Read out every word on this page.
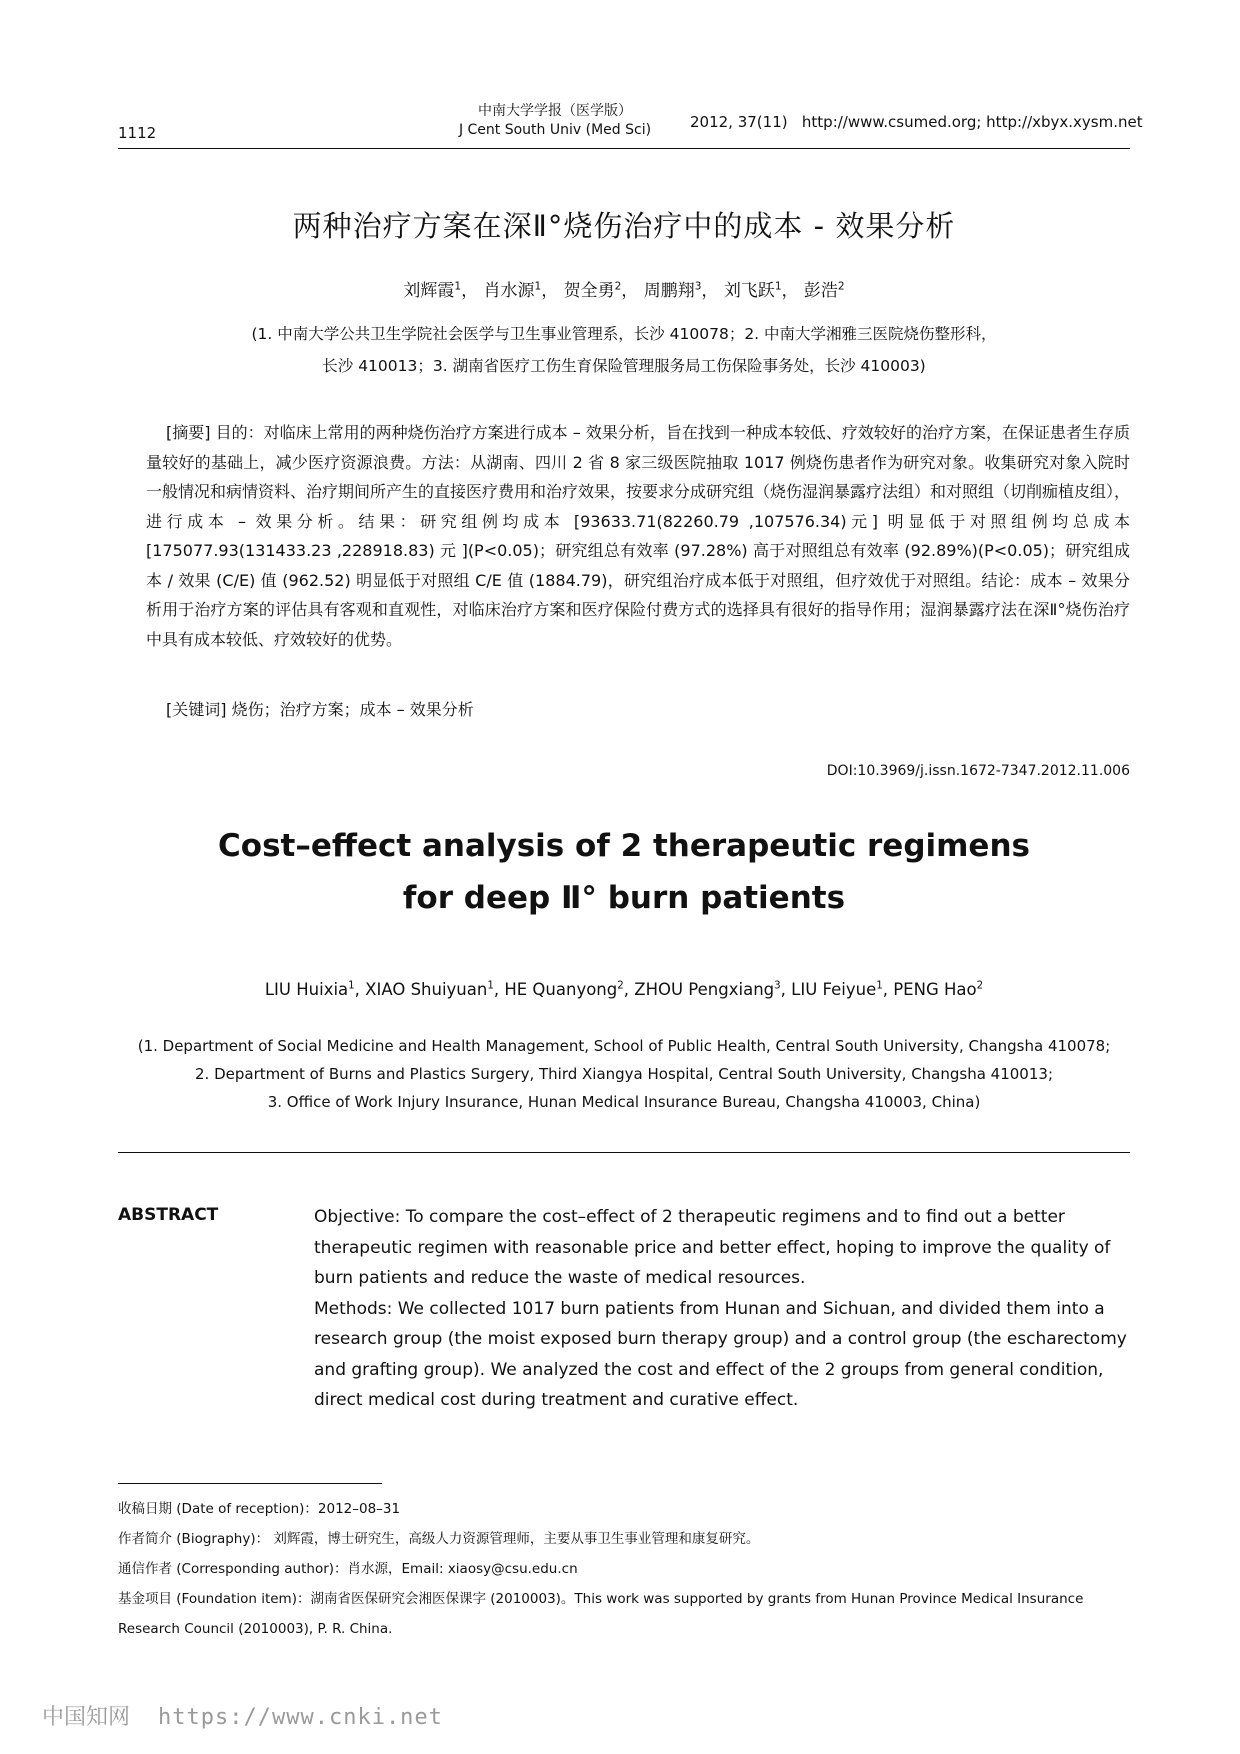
1112
中南大学学报（医学版）
J Cent South Univ (Med Sci)	2012, 37(11) http://www.csumed.org; http://xbyx.xysm.net
两种治疗方案在深Ⅱ°烧伤治疗中的成本 - 效果分析
刘辉霞$^1$， 肖水源$^1$， 贺全勇$^2$， 周鹏翔$^3$， 刘飞跃$^1$， 彭浩$^2$
(1. 中南大学公共卫生学院社会医学与卫生事业管理系，长沙 410078；2. 中南大学湘雅三医院烧伤整形科，
长沙 410013；3. 湖南省医疗工伤生育保险管理服务局工伤保险事务处，长沙 410003)

[摘要] 目的：对临床上常用的两种烧伤治疗方案进行成本 – 效果分析，旨在找到一种成本较低、疗效较好的治疗方案，在保证患者生存质量较好的基础上，减少医疗资源浪费。方法：从湖南、四川 2 省 8 家三级医院抽取 1017 例烧伤患者作为研究对象。收集研究对象入院时一般情况和病情资料、治疗期间所产生的直接医疗费用和治疗效果，按要求分成研究组（烧伤湿润暴露疗法组）和对照组（切削痂植皮组），进行成本 – 效果分析。结果：研究组例均成本 [93633.71(82260.79 ,107576.34)元] 明显低于对照组例均总成本 [175077.93(131433.23 ,228918.83) 元 ](P<0.05)；研究组总有效率 (97.28%) 高于对照组总有效率 (92.89%)(P<0.05)；研究组成本 / 效果 (C/E) 值 (962.52) 明显低于对照组 C/E 值 (1884.79)，研究组治疗成本低于对照组，但疗效优于对照组。结论：成本 – 效果分析用于治疗方案的评估具有客观和直观性，对临床治疗方案和医疗保险付费方式的选择具有很好的指导作用；湿润暴露疗法在深Ⅱ°烧伤治疗中具有成本较低、疗效较好的优势。

[关键词] 烧伤；治疗方案；成本 – 效果分析
DOI:10.3969/j.issn.1672-7347.2012.11.006
Cost–effect analysis of 2 therapeutic regimens
for deep Ⅱ° burn patients
LIU Huixia$^1$, XIAO Shuiyuan$^1$, HE Quanyong$^2$, ZHOU Pengxiang$^3$, LIU Feiyue$^1$, PENG Hao$^2$
(1. Department of Social Medicine and Health Management, School of Public Health, Central South University, Changsha 410078;
2. Department of Burns and Plastics Surgery, Third Xiangya Hospital, Central South University, Changsha 410013;
3. Office of Work Injury Insurance, Hunan Medical Insurance Bureau, Changsha 410003, China)
ABSTRACT	Objective: To compare the cost–effect of 2 therapeutic regimens and to find out a better therapeutic regimen with reasonable price and better effect, hoping to improve the quality of burn patients and reduce the waste of medical resources.

Methods: We collected 1017 burn patients from Hunan and Sichuan, and divided them into a research group (the moist exposed burn therapy group) and a control group (the escharectomy and grafting group). We analyzed the cost and effect of the 2 groups from general condition, direct medical cost during treatment and curative effect.

收稿日期 (Date of reception)：2012–08–31
作者简介 (Biography)： 刘辉霞，博士研究生，高级人力资源管理师，主要从事卫生事业管理和康复研究。
通信作者 (Corresponding author)：肖水源，Email: xiaosy@csu.edu.cn
基金项目 (Foundation item)：湖南省医保研究会湘医保课字 (2010003)。This work was supported by grants from Hunan Province Medical Insurance Research Council (2010003), P. R. China.
中国知网 https://www.cnki.net
